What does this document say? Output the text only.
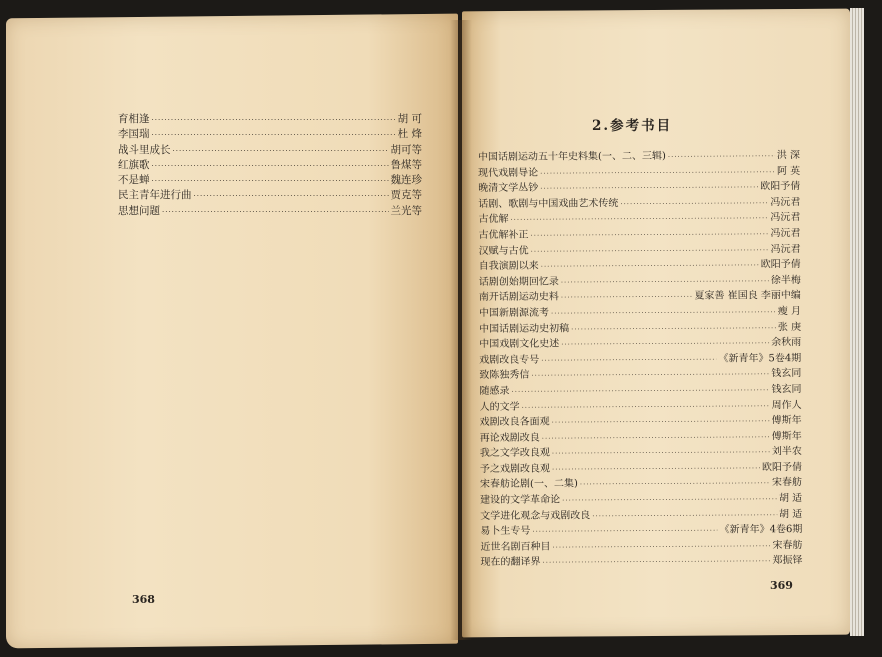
育相逢 ·····	胡 可
李国瑞 ·····	杜 烽
战斗里成长 ·····	胡可等
红旗歌 ·····	鲁煤等
不是蝉 ·····	魏连珍
民主青年进行曲 ·····	贾克等
思想问题 ·····	兰光等
368
2.参考书目
中国话剧运动五十年史料集(一、二、三辑) ·····	洪 深
现代戏剧导论 ·····	阿 英
晚清文学丛钞 ·····	欧阳予倩
话剧、歌剧与中国戏曲艺术传统 ·····	冯沅君
古优解 ·····	冯沅君
古优解补正 ·····	冯沅君
汉赋与古优 ·····	冯沅君
自我演剧以来 ·····	欧阳予倩
话剧创始期回忆录 ·····	徐半梅
南开话剧运动史料 ·····	夏家善 崔国良 李丽中编
中国新剧源流考 ·····	瘦 月
中国话剧运动史初稿 ·····	张 庚
中国戏剧文化史述 ·····	余秋雨
戏剧改良专号 ·····	《新青年》5卷4期
致陈独秀信 ·····	钱玄同
随感录 ·····	钱玄同
人的文学 ·····	周作人
戏剧改良各面观 ·····	傅斯年
再论戏剧改良 ·····	傅斯年
我之文学改良观 ·····	刘半农
予之戏剧改良观 ·····	欧阳予倩
宋春舫论剧(一、二集) ·····	宋春舫
建设的文学革命论 ·····	胡 适
文学进化观念与戏剧改良 ·····	胡 适
易卜生专号 ·····	《新青年》4卷6期
近世名剧百种目 ·····	宋春舫
现在的翻译界 ·····	郑振铎
369
